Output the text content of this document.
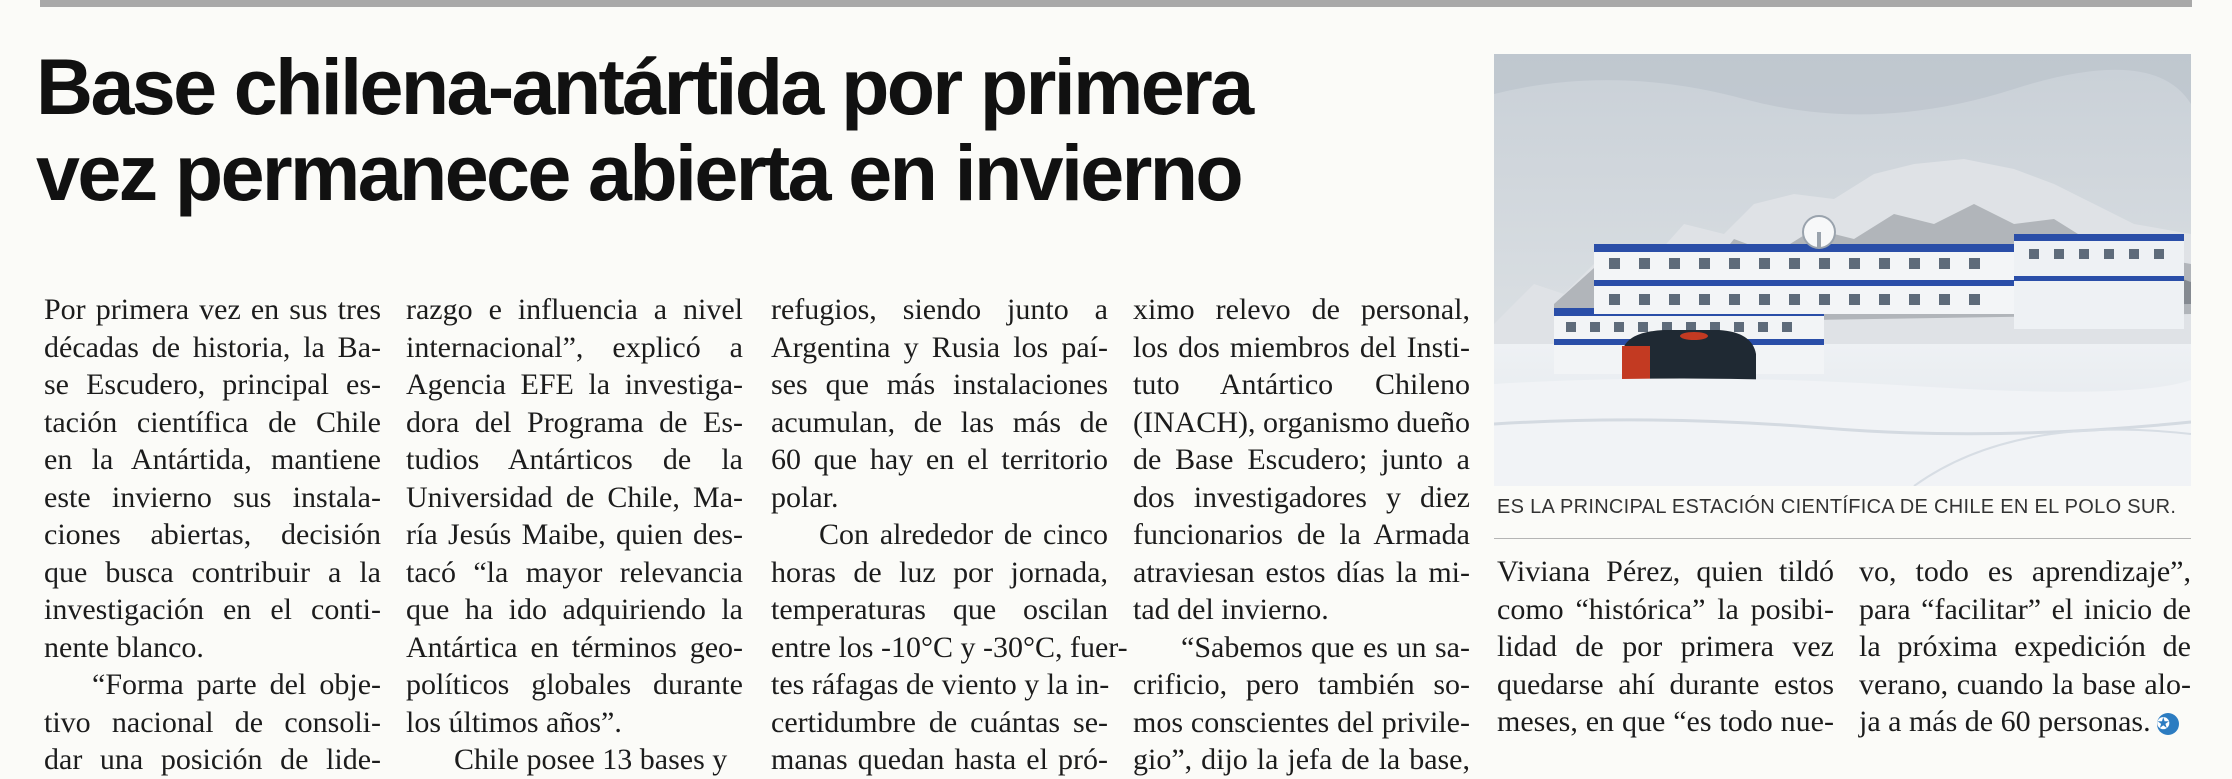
Base chilena-antártida por primera
vez permanece abierta en invierno
Por primera vez en sus tres
décadas de historia, la Ba-
se Escudero, principal es-
tación científica de Chile
en la Antártida, mantiene
este invierno sus instala-
ciones abiertas, decisión
que busca contribuir a la
investigación en el conti-
nente blanco.
“Forma parte del obje-
tivo nacional de consoli-
dar una posición de lide-
razgo e influencia a nivel
internacional”, explicó a
Agencia EFE la investiga-
dora del Programa de Es-
tudios Antárticos de la
Universidad de Chile, Ma-
ría Jesús Maibe, quien des-
tacó “la mayor relevancia
que ha ido adquiriendo la
Antártica en términos geo-
políticos globales durante
los últimos años”.
Chile posee 13 bases y
refugios, siendo junto a
Argentina y Rusia los paí-
ses que más instalaciones
acumulan, de las más de
60 que hay en el territorio
polar.
Con alrededor de cinco
horas de luz por jornada,
temperaturas que oscilan
entre los -10°C y -30°C, fuer-
tes ráfagas de viento y la in-
certidumbre de cuántas se-
manas quedan hasta el pró-
ximo relevo de personal,
los dos miembros del Insti-
tuto Antártico Chileno
(INACH), organismo dueño
de Base Escudero; junto a
dos investigadores y diez
funcionarios de la Armada
atraviesan estos días la mi-
tad del invierno.
“Sabemos que es un sa-
crificio, pero también so-
mos conscientes del privile-
gio”, dijo la jefa de la base,
ES LA PRINCIPAL ESTACIÓN CIENTÍFICA DE CHILE EN EL POLO SUR.
Viviana Pérez, quien tildó
como “histórica” la posibi-
lidad de por primera vez
quedarse ahí durante estos
meses, en que “es todo nue-
vo, todo es aprendizaje”,
para “facilitar” el inicio de
la próxima expedición de
verano, cuando la base alo-
ja a más de 60 personas. ✪
